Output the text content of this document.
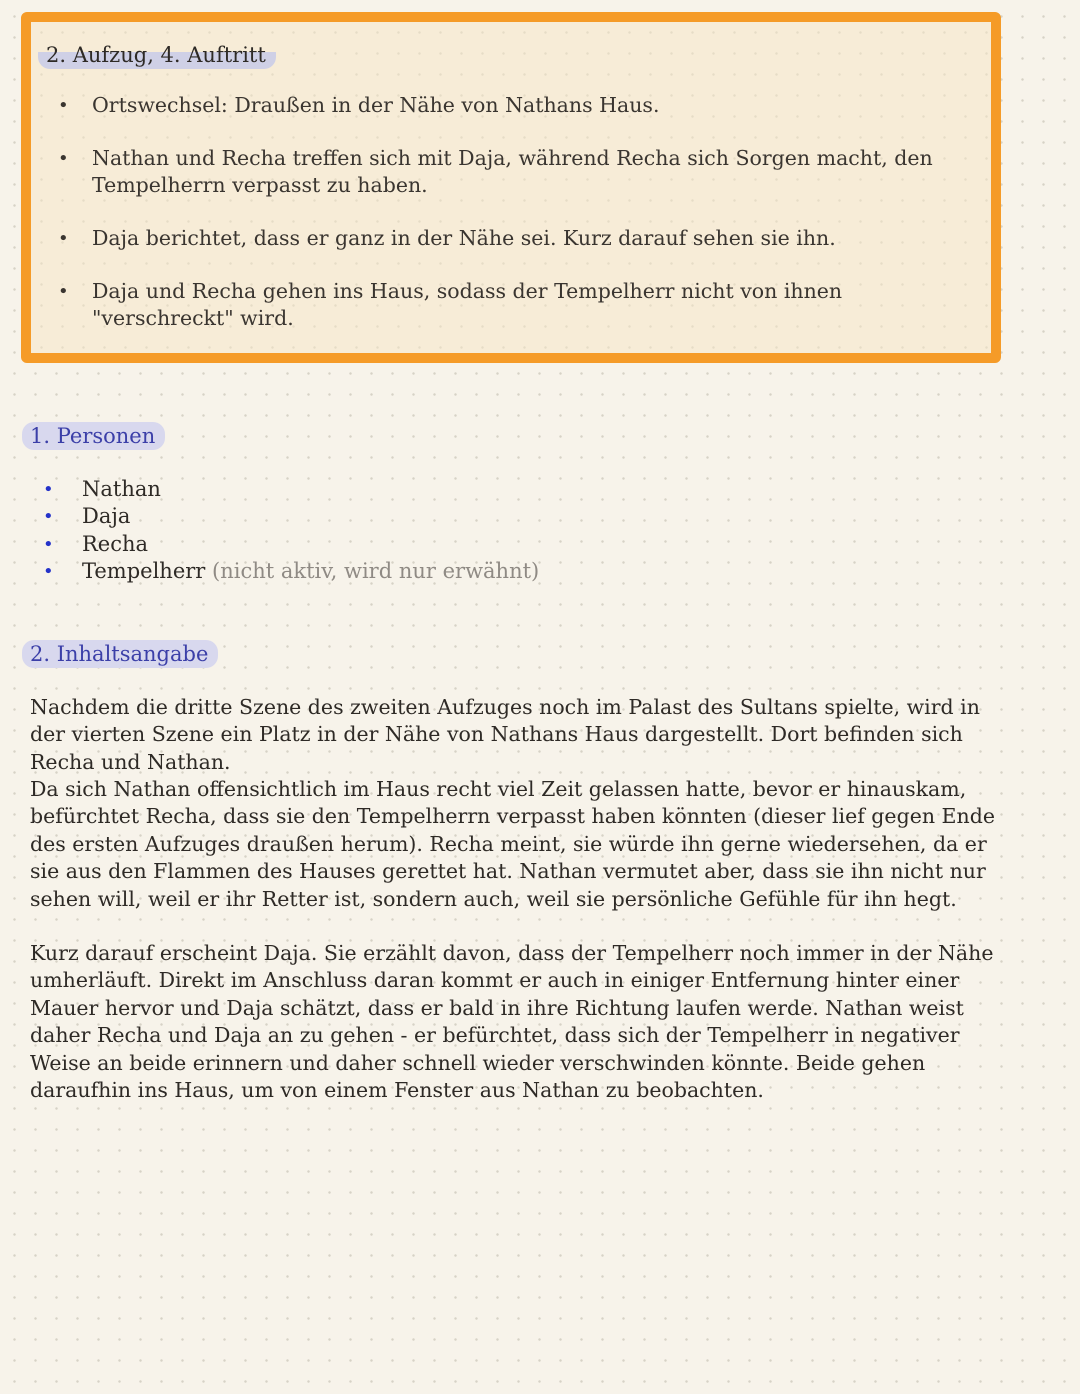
2. Aufzug, 4. Auftritt
• Ortswechsel: Draußen in der Nähe von Nathans Haus.
• Nathan und Recha treffen sich mit Daja, während Recha sich Sorgen macht, den Tempelherrn verpasst zu haben.
• Daja berichtet, dass er ganz in der Nähe sei. Kurz darauf sehen sie ihn.
• Daja und Recha gehen ins Haus, sodass der Tempelherr nicht von ihnen "verschreckt" wird.
1. Personen
• Nathan
• Daja
• Recha
• Tempelherr (nicht aktiv, wird nur erwähnt)
2. Inhaltsangabe

Nachdem die dritte Szene des zweiten Aufzuges noch im Palast des Sultans spielte, wird in der vierten Szene ein Platz in der Nähe von Nathans Haus dargestellt. Dort befinden sich Recha und Nathan.

Da sich Nathan offensichtlich im Haus recht viel Zeit gelassen hatte, bevor er hinauskam, befürchtet Recha, dass sie den Tempelherrn verpasst haben könnten (dieser lief gegen Ende des ersten Aufzuges draußen herum). Recha meint, sie würde ihn gerne wiedersehen, da er sie aus den Flammen des Hauses gerettet hat. Nathan vermutet aber, dass sie ihn nicht nur sehen will, weil er ihr Retter ist, sondern auch, weil sie persönliche Gefühle für ihn hegt.

Kurz darauf erscheint Daja. Sie erzählt davon, dass der Tempelherr noch immer in der Nähe umherläuft. Direkt im Anschluss daran kommt er auch in einiger Entfernung hinter einer Mauer hervor und Daja schätzt, dass er bald in ihre Richtung laufen werde. Nathan weist daher Recha und Daja an zu gehen - er befürchtet, dass sich der Tempelherr in negativer Weise an beide erinnern und daher schnell wieder verschwinden könnte. Beide gehen daraufhin ins Haus, um von einem Fenster aus Nathan zu beobachten.
